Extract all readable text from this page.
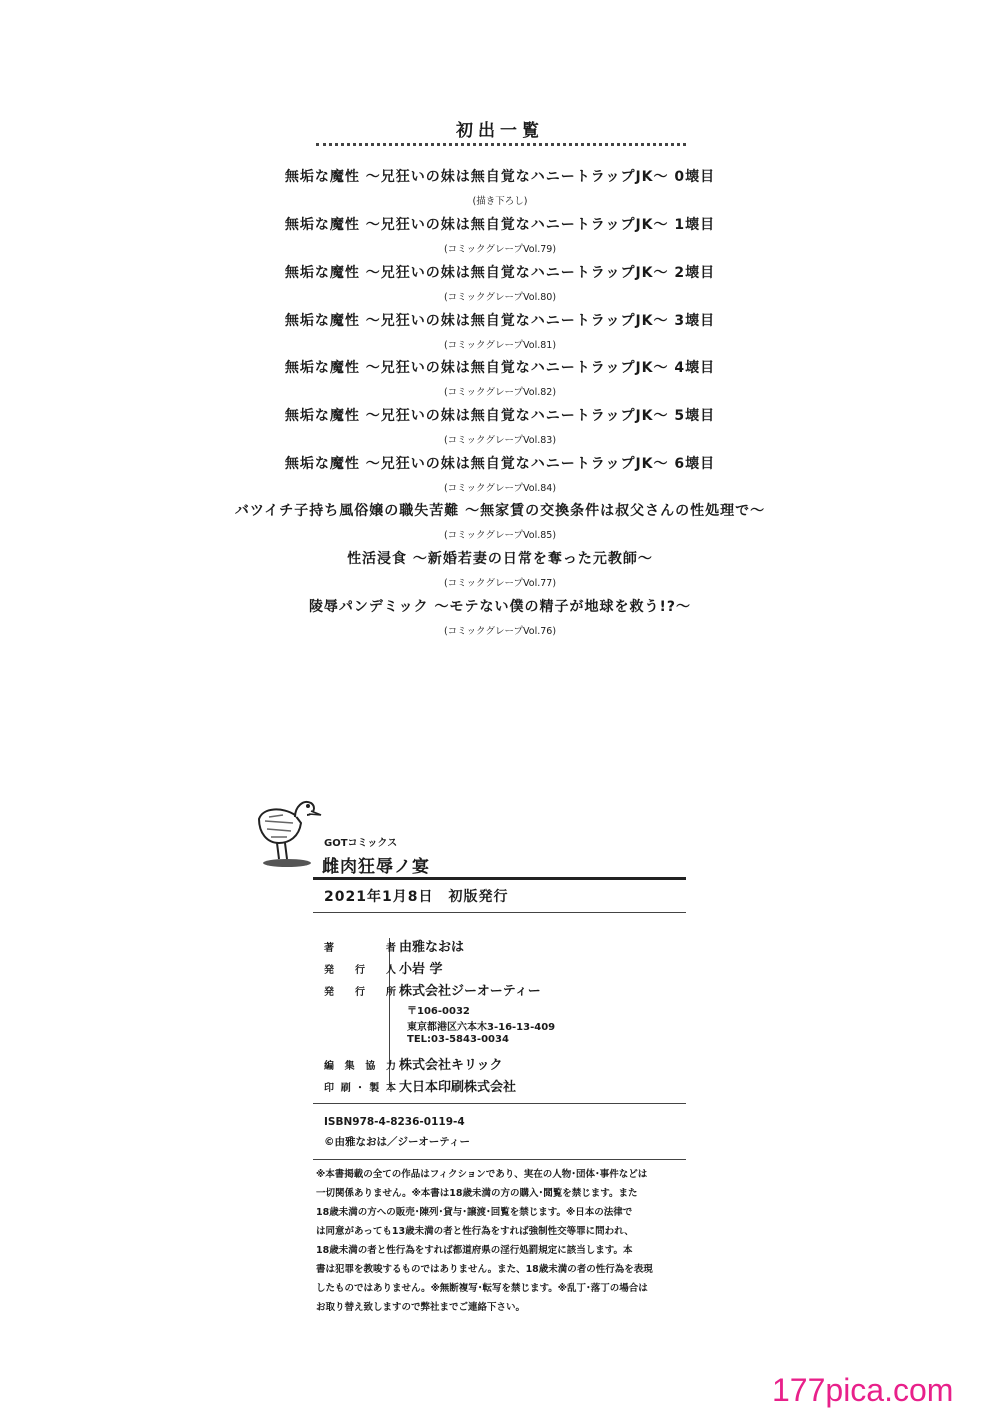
初出一覧
無垢な魔性 ～兄狂いの妹は無自覚なハニートラップJK～ 0壊目
(描き下ろし)
無垢な魔性 ～兄狂いの妹は無自覚なハニートラップJK～ 1壊目
(コミックグレープVol.79)
無垢な魔性 ～兄狂いの妹は無自覚なハニートラップJK～ 2壊目
(コミックグレープVol.80)
無垢な魔性 ～兄狂いの妹は無自覚なハニートラップJK～ 3壊目
(コミックグレープVol.81)
無垢な魔性 ～兄狂いの妹は無自覚なハニートラップJK～ 4壊目
(コミックグレープVol.82)
無垢な魔性 ～兄狂いの妹は無自覚なハニートラップJK～ 5壊目
(コミックグレープVol.83)
無垢な魔性 ～兄狂いの妹は無自覚なハニートラップJK～ 6壊目
(コミックグレープVol.84)
バツイチ子持ち風俗嬢の職失苦難 ～無家賃の交換条件は叔父さんの性処理で～
(コミックグレープVol.85)
性活浸食 ～新婚若妻の日常を奪った元教師～
(コミックグレープVol.77)
陵辱パンデミック ～モテない僕の精子が地球を救う!?～
(コミックグレープVol.76)
GOTコミックス
雌肉狂辱ノ宴
2021年1月8日　初版発行
著者 由雅なおは
発行人 小岩 学
発行所 株式会社ジーオーティー
〒106-0032
東京都港区六本木3-16-13-409
TEL:03-5843-0034
編集協力 株式会社キリック
印刷･製本 大日本印刷株式会社
ISBN978-4-8236-0119-4
©由雅なおは／ジーオーティー
※本書掲載の全ての作品はフィクションであり、実在の人物･団体･事件などは
一切関係ありません。※本書は18歳未満の方の購入･閲覧を禁じます。また
18歳未満の方への販売･陳列･貸与･譲渡･回覧を禁じます。※日本の法律で
は同意があっても13歳未満の者と性行為をすれば強制性交等罪に問われ、
18歳未満の者と性行為をすれば都道府県の淫行処罰規定に該当します。本
書は犯罪を教唆するものではありません。また、18歳未満の者の性行為を表現
したものではありません。※無断複写･転写を禁じます。※乱丁･落丁の場合は
お取り替え致しますので弊社までご連絡下さい。
177pica.com
